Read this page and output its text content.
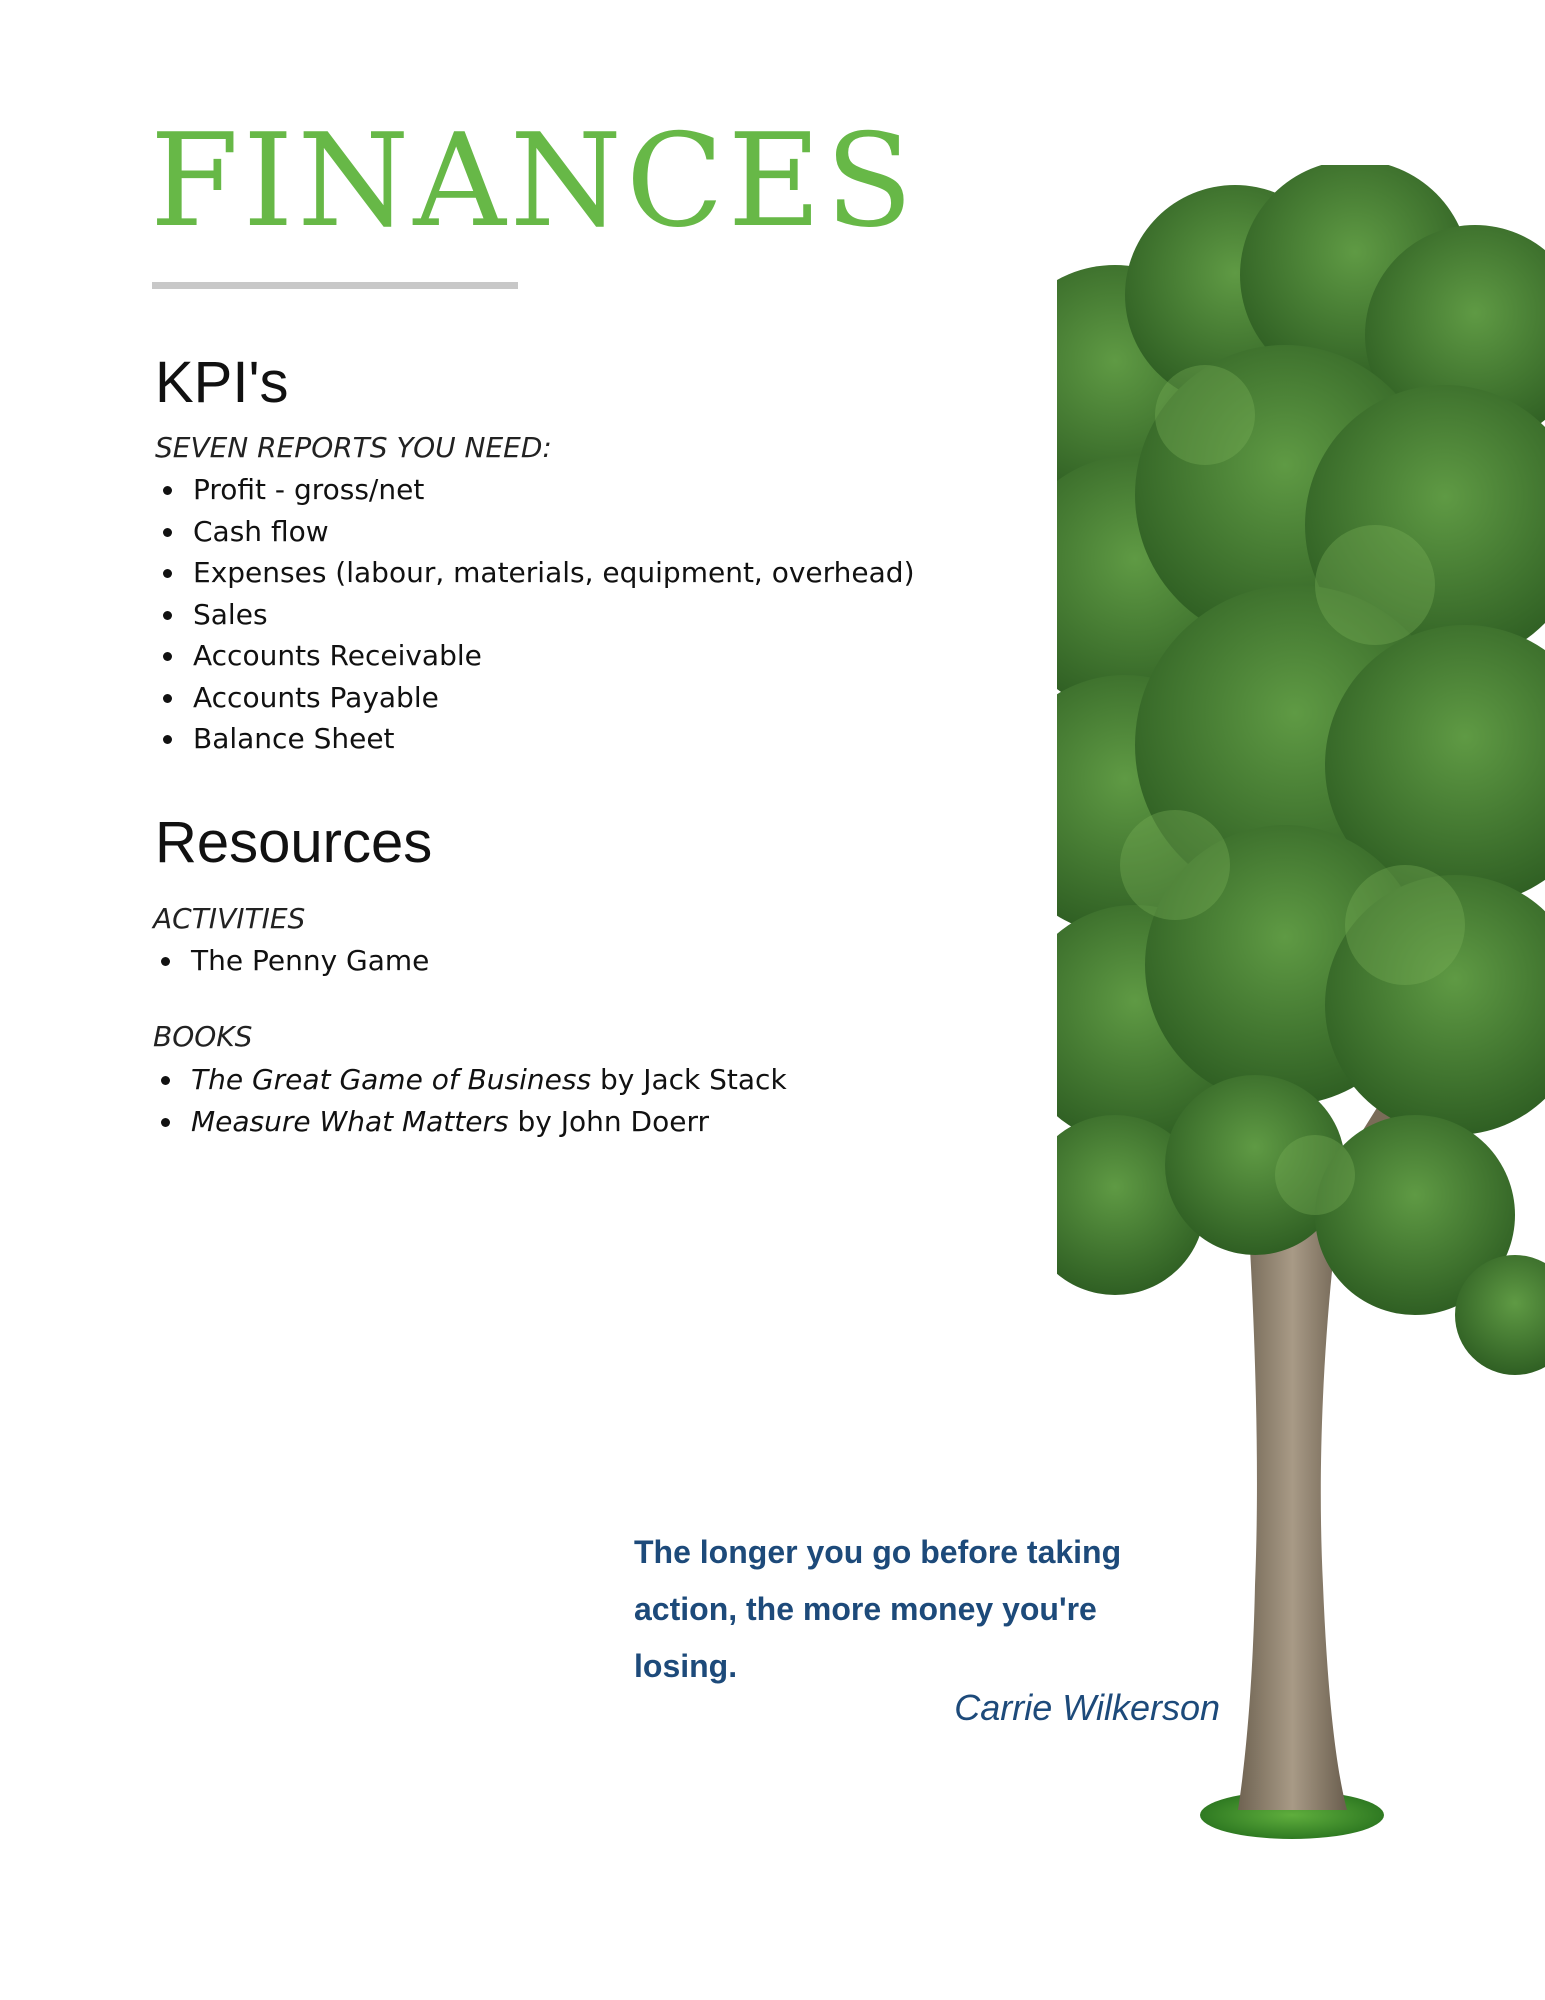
FINANCES
KPI's

SEVEN REPORTS YOU NEED:

Profit - gross/net
Cash flow
Expenses (labour, materials, equipment, overhead)
Sales
Accounts Receivable
Accounts Payable
Balance Sheet
Resources

ACTIVITIES

The Penny Game

BOOKS

The Great Game of Business by Jack Stack
Measure What Matters by John Doerr

The longer you go before taking action, the more money you're losing.

Carrie Wilkerson
